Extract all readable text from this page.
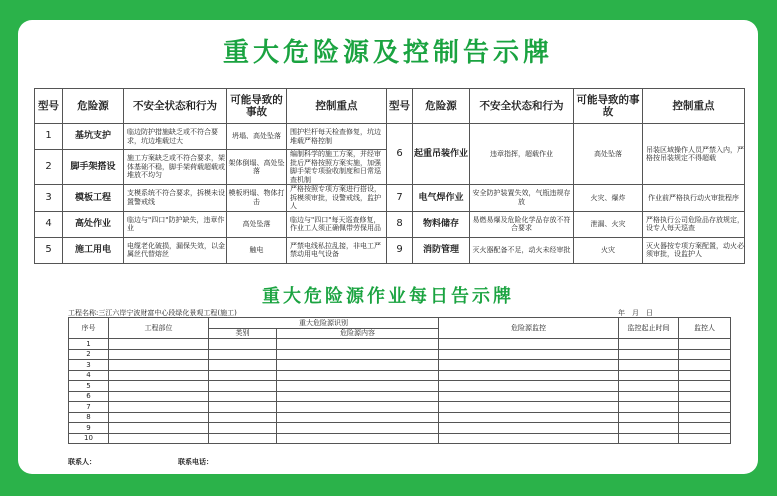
重大危险源及控制告示牌
型号	危险源	不安全状态和行为	可能导致的事故	控制重点	型号	危险源	不安全状态和行为	可能导致的事故	控制重点
1	基坑支护	临边防护措施缺乏或不符合要求，坑边堆载过大	坍塌、高处坠落	围护栏杆每天检查修复，坑边堆载严格控制	6	起重吊装作业	违章指挥，超载作业	高处坠落	吊装区域操作人员严禁入内，严格按吊装规定不得超载
2	脚手架搭设	施工方案缺乏或不符合要求，架体基础不稳，脚手架荷载超载或堆放不均匀	架体倒塌、高处坠落	编制科学的施工方案，并经审批后严格按照方案实施，加强脚手架专项验收制度和日常巡查机制					
3	模板工程	支模系统不符合要求，拆模未设置警戒线	模板坍塌、物体打击	严格按照专项方案进行搭设，拆模须审批，设警戒线，监护人	7	电气焊作业	安全防护装置失效，气瓶违规存放	火灾、爆炸	作业前严格执行动火审批程序
4	高处作业	临边与"四口"防护缺失，违章作业	高处坠落	临边与"四口"每天巡查修复，作业工人须正确佩带劳保用品	8	物料储存	易燃易爆及危险化学品存放不符合要求	泄漏、火灾	严格执行公司危险品存放规定，设专人每天巡查
5	施工用电	电缆老化破损，漏保失效，以金属丝代替熔丝	触电	严禁电线私拉乱接，非电工严禁动用电气设备	9	消防管理	灭火器配备不足，动火未经审批	火灾	灭火器按专项方案配置，动火必须审批，设监护人
重大危险源作业每日告示牌
工程名称:三江六岸宁波财富中心段绿化景观工程(施工)	年　月　日
序号	工程部位	重大危险源识别		危险源监控	监控起止时间	监控人
		类别	危险源内容			
1						
2						
3						
4						
5						
6						
7						
8						
9						
10						
联系人：	联系电话：
